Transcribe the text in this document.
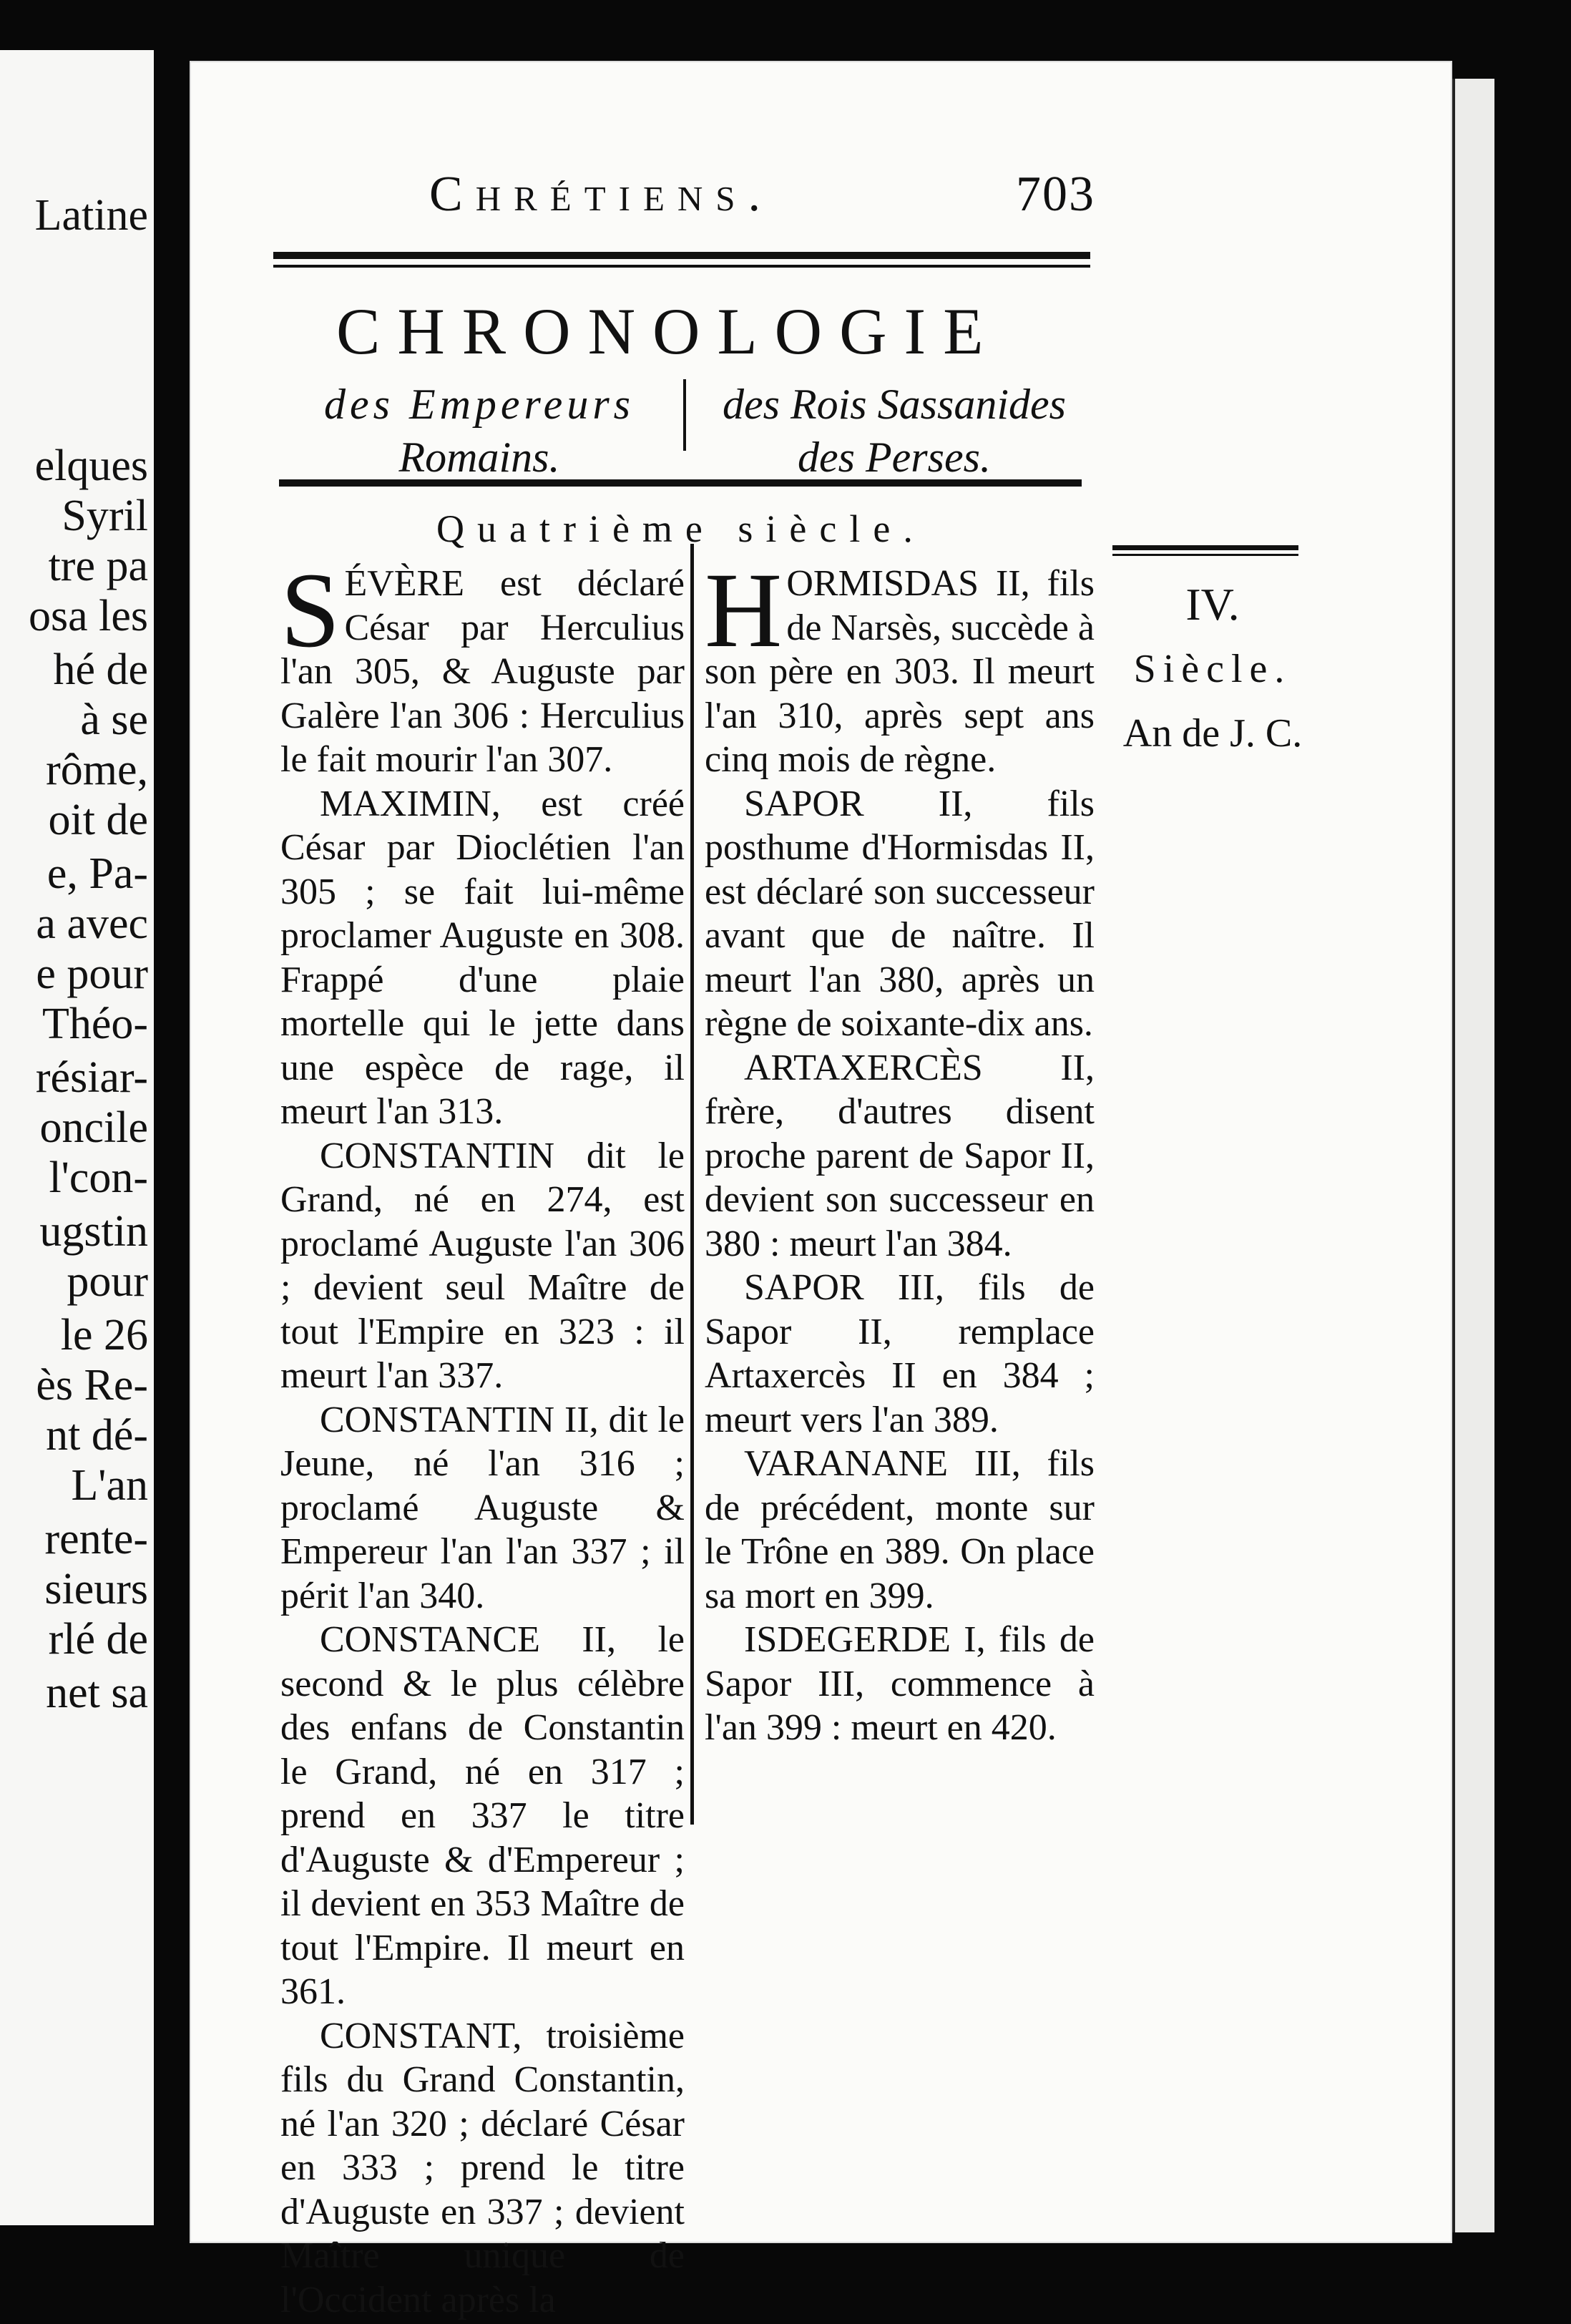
Latine
elques
Syril
tre pa
osa les
hé de
à se
rôme,
oit de
e, Pa-
a avec
e pour
Théo-
résiar-
oncile
l'con-
ugstin
pour
le 26
ès Re-
nt dé-
L'an
rente-
sieurs
rlé de
net sa
Chrétiens.	703
CHRONOLOGIE
des Empereurs
Romains.
des Rois Sassanides
des Perses.
Quatrième siècle.

SÉVÈRE est déclaré César par Herculius l'an 305, & Auguste par Galère l'an 306 : Herculius le fait mourir l'an 307.

MAXIMIN, est créé César par Dioclétien l'an 305 ; se fait lui-même proclamer Auguste en 308. Frappé d'une plaie mortelle qui le jette dans une espèce de rage, il meurt l'an 313.

CONSTANTIN dit le Grand, né en 274, est proclamé Auguste l'an 306 ; devient seul Maître de tout l'Empire en 323 : il meurt l'an 337.

CONSTANTIN II, dit le Jeune, né l'an 316 ; proclamé Auguste & Empereur l'an l'an 337 ; il périt l'an 340.

CONSTANCE II, le second & le plus célèbre des enfans de Constantin le Grand, né en 317 ; prend en 337 le titre d'Auguste & d'Empereur ; il devient en 353 Maître de tout l'Empire. Il meurt en 361.

CONSTANT, troisième fils du Grand Constantin, né l'an 320 ; déclaré César en 333 ; prend le titre d'Auguste en 337 ; devient Maître unique de l'Occident après la

HORMISDAS II, fils de Narsès, succède à son père en 303. Il meurt l'an 310, après sept ans cinq mois de règne.

SAPOR II, fils posthume d'Hormisdas II, est déclaré son successeur avant que de naître. Il meurt l'an 380, après un règne de soixante-dix ans.

ARTAXERCÈS II, frère, d'autres disent proche parent de Sapor II, devient son successeur en 380 : meurt l'an 384.

SAPOR III, fils de Sapor II, remplace Artaxercès II en 384 ; meurt vers l'an 389.

VARANANE III, fils de précédent, monte sur le Trône en 389. On place sa mort en 399.

ISDEGERDE I, fils de Sapor III, commence à l'an 399 : meurt en 420.

IV.
Siècle.
An de J. C.
